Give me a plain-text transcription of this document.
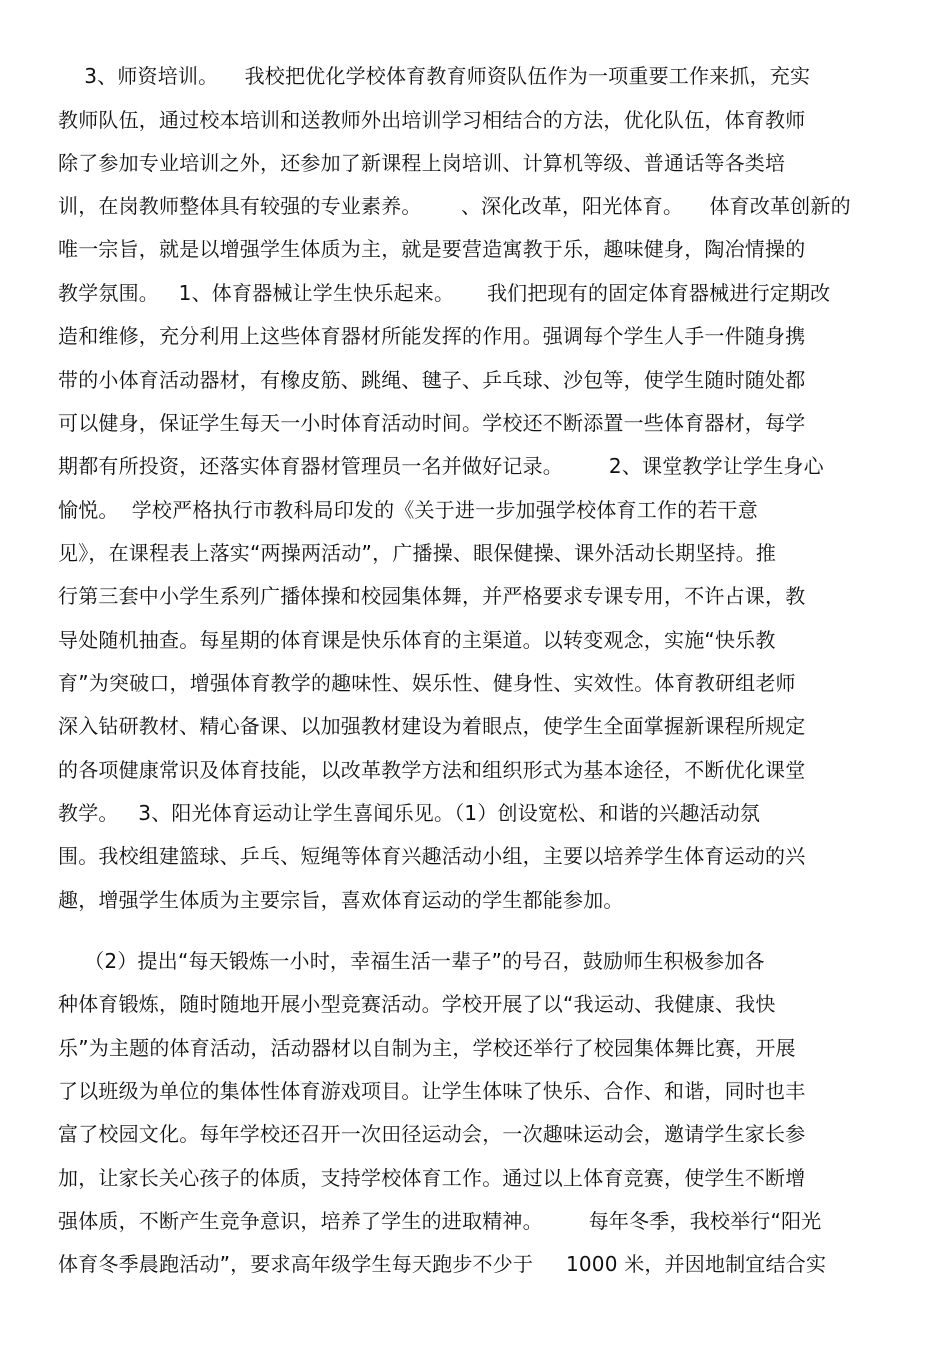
3、师资培训。    我校把优化学校体育教育师资队伍作为一项重要工作来抓，充实
教师队伍，通过校本培训和送教师外出培训学习相结合的方法，优化队伍，体育教师
除了参加专业培训之外，还参加了新课程上岗培训、计算机等级、普通话等各类培
训，在岗教师整体具有较强的专业素养。      、深化改革，阳光体育。    体育改革创新的
唯一宗旨，就是以增强学生体质为主，就是要营造寓教于乐，趣味健身，陶冶情操的
教学氛围。   1、体育器械让学生快乐起来。     我们把现有的固定体育器械进行定期改
造和维修，充分利用上这些体育器材所能发挥的作用。强调每个学生人手一件随身携
带的小体育活动器材，有橡皮筋、跳绳、毽子、乒乓球、沙包等，使学生随时随处都
可以健身，保证学生每天一小时体育活动时间。学校还不断添置一些体育器材，每学
期都有所投资，还落实体育器材管理员一名并做好记录。       2、课堂教学让学生身心
愉悦。  学校严格执行市教科局印发的《关于进一步加强学校体育工作的若干意
见》，在课程表上落实“两操两活动”，广播操、眼保健操、课外活动长期坚持。推
行第三套中小学生系列广播体操和校园集体舞，并严格要求专课专用，不许占课，教
导处随机抽查。每星期的体育课是快乐体育的主渠道。以转变观念，实施“快乐教
育”为突破口，增强体育教学的趣味性、娱乐性、健身性、实效性。体育教研组老师
深入钻研教材、精心备课、以加强教材建设为着眼点，使学生全面掌握新课程所规定
的各项健康常识及体育技能，以改革教学方法和组织形式为基本途径，不断优化课堂
教学。   3、阳光体育运动让学生喜闻乐见。（1）创设宽松、和谐的兴趣活动氛
围。我校组建篮球、乒乓、短绳等体育兴趣活动小组，主要以培养学生体育运动的兴
趣，增强学生体质为主要宗旨，喜欢体育运动的学生都能参加。
（2）提出“每天锻炼一小时，幸福生活一辈子”的号召，鼓励师生积极参加各
种体育锻炼，随时随地开展小型竞赛活动。学校开展了以“我运动、我健康、我快
乐”为主题的体育活动，活动器材以自制为主，学校还举行了校园集体舞比赛，开展
了以班级为单位的集体性体育游戏项目。让学生体味了快乐、合作、和谐，同时也丰
富了校园文化。每年学校还召开一次田径运动会，一次趣味运动会，邀请学生家长参
加，让家长关心孩子的体质，支持学校体育工作。通过以上体育竞赛，使学生不断增
强体质，不断产生竞争意识，培养了学生的进取精神。       每年冬季，我校举行“阳光
体育冬季晨跑活动”，要求高年级学生每天跑步不少于     1000 米，并因地制宜结合实
